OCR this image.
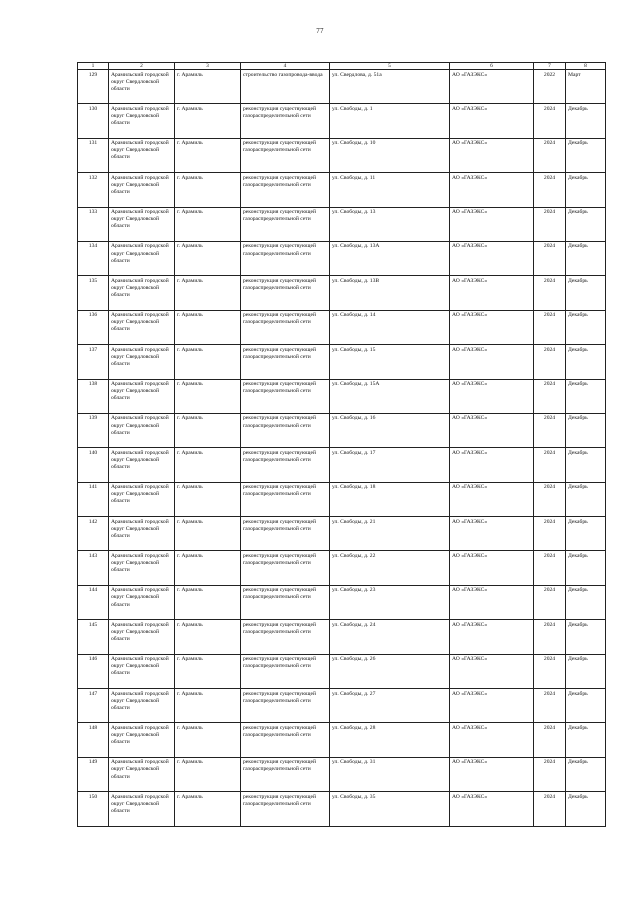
77
1	2	3	4	5	6	7	8
129	Арамильский городской округ Свердловской области	г. Арамиль	строительство газопровода-ввода	ул. Свердлова, д. 51а	АО «ГАЗЭКС»	2022	Март
130	Арамильский городской округ Свердловской области	г. Арамиль	реконструкция существующей газораспределительной сети	ул. Свободы, д. 1	АО «ГАЗЭКС»	2024	Декабрь
131	Арамильский городской округ Свердловской области	г. Арамиль	реконструкция существующей газораспределительной сети	ул. Свободы, д. 10	АО «ГАЗЭКС»	2024	Декабрь
132	Арамильский городской округ Свердловской области	г. Арамиль	реконструкция существующей газораспределительной сети	ул. Свободы, д. 11	АО «ГАЗЭКС»	2024	Декабрь
133	Арамильский городской округ Свердловской области	г. Арамиль	реконструкция существующей газораспределительной сети	ул. Свободы, д. 13	АО «ГАЗЭКС»	2024	Декабрь
134	Арамильский городской округ Свердловской области	г. Арамиль	реконструкция существующей газораспределительной сети	ул. Свободы, д. 13А	АО «ГАЗЭКС»	2024	Декабрь
135	Арамильский городской округ Свердловской области	г. Арамиль	реконструкция существующей газораспределительной сети	ул. Свободы, д. 13В	АО «ГАЗЭКС»	2024	Декабрь
136	Арамильский городской округ Свердловской области	г. Арамиль	реконструкция существующей газораспределительной сети	ул. Свободы, д. 14	АО «ГАЗЭКС»	2024	Декабрь
137	Арамильский городской округ Свердловской области	г. Арамиль	реконструкция существующей газораспределительной сети	ул. Свободы, д. 15	АО «ГАЗЭКС»	2024	Декабрь
138	Арамильский городской округ Свердловской области	г. Арамиль	реконструкция существующей газораспределительной сети	ул. Свободы, д. 15А	АО «ГАЗЭКС»	2024	Декабрь
139	Арамильский городской округ Свердловской области	г. Арамиль	реконструкция существующей газораспределительной сети	ул. Свободы, д. 16	АО «ГАЗЭКС»	2024	Декабрь
140	Арамильский городской округ Свердловской области	г. Арамиль	реконструкция существующей газораспределительной сети	ул. Свободы, д. 17	АО «ГАЗЭКС»	2024	Декабрь
141	Арамильский городской округ Свердловской области	г. Арамиль	реконструкция существующей газораспределительной сети	ул. Свободы, д. 18	АО «ГАЗЭКС»	2024	Декабрь
142	Арамильский городской округ Свердловской области	г. Арамиль	реконструкция существующей газораспределительной сети	ул. Свободы, д. 21	АО «ГАЗЭКС»	2024	Декабрь
143	Арамильский городской округ Свердловской области	г. Арамиль	реконструкция существующей газораспределительной сети	ул. Свободы, д. 22	АО «ГАЗЭКС»	2024	Декабрь
144	Арамильский городской округ Свердловской области	г. Арамиль	реконструкция существующей газораспределительной сети	ул. Свободы, д. 23	АО «ГАЗЭКС»	2024	Декабрь
145	Арамильский городской округ Свердловской области	г. Арамиль	реконструкция существующей газораспределительной сети	ул. Свободы, д. 24	АО «ГАЗЭКС»	2024	Декабрь
146	Арамильский городской округ Свердловской области	г. Арамиль	реконструкция существующей газораспределительной сети	ул. Свободы, д. 26	АО «ГАЗЭКС»	2024	Декабрь
147	Арамильский городской округ Свердловской области	г. Арамиль	реконструкция существующей газораспределительной сети	ул. Свободы, д. 27	АО «ГАЗЭКС»	2024	Декабрь
148	Арамильский городской округ Свердловской области	г. Арамиль	реконструкция существующей газораспределительной сети	ул. Свободы, д. 28	АО «ГАЗЭКС»	2024	Декабрь
149	Арамильский городской округ Свердловской области	г. Арамиль	реконструкция существующей газораспределительной сети	ул. Свободы, д. 31	АО «ГАЗЭКС»	2024	Декабрь
150	Арамильский городской округ Свердловской области	г. Арамиль	реконструкция существующей газораспределительной сети	ул. Свободы, д. 35	АО «ГАЗЭКС»	2024	Декабрь
